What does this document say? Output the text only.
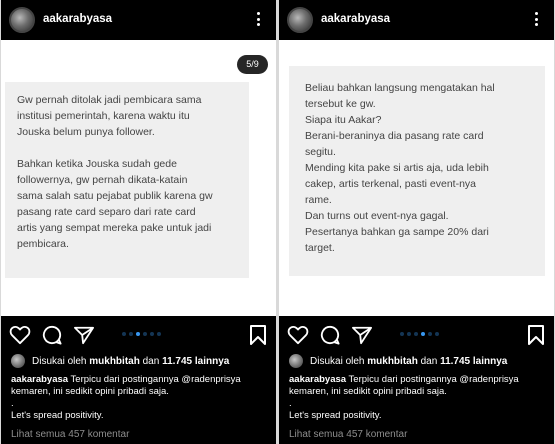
aakarabyasa
5/9

Gw pernah ditolak jadi pembicara sama

institusi pemerintah, karena waktu itu

Jouska belum punya follower.

Bahkan ketika Jouska sudah gede

followernya, gw pernah dikata-katain

sama salah satu pejabat publik karena gw

pasang rate card separo dari rate card

artis yang sempat mereka pake untuk jadi

pembicara.

Disukai oleh
mukhbitah
dan
11.745 lainnya

aakarabyasa Terpicu dari postingannya @radenprisya

kemaren, ini sedikit opini pribadi saja.

.

Let's spread positivity.

Lihat semua 457 komentar
aakarabyasa

Beliau bahkan langsung mengatakan hal

tersebut ke gw.

Siapa itu Aakar?

Berani-beraninya dia pasang rate card

segitu.

Mending kita pake si artis aja, uda lebih

cakep, artis terkenal, pasti event-nya

rame.

Dan turns out event-nya gagal.

Pesertanya bahkan ga sampe 20% dari

target.

Disukai oleh
mukhbitah
dan
11.745 lainnya

aakarabyasa Terpicu dari postingannya @radenprisya

kemaren, ini sedikit opini pribadi saja.

.

Let's spread positivity.

Lihat semua 457 komentar
